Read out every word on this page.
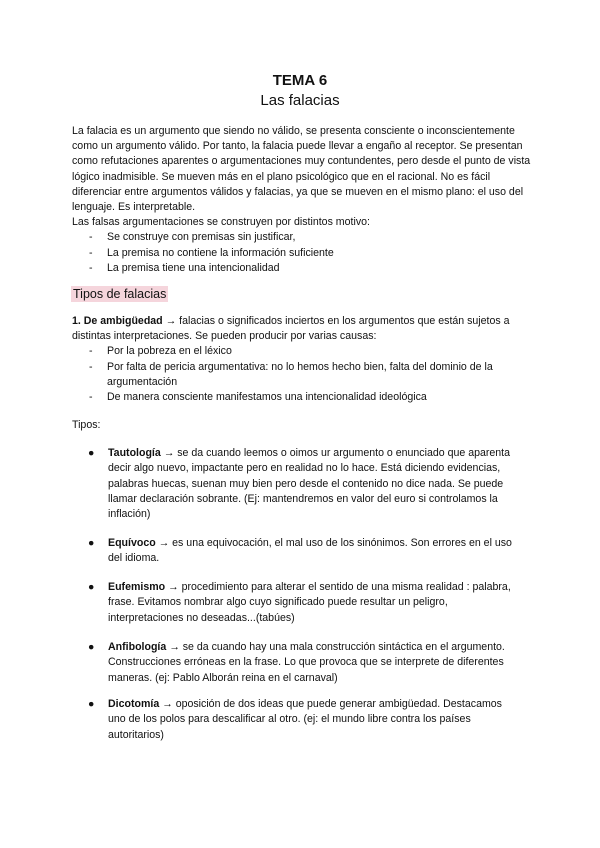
TEMA 6
Las falacias
La falacia es un argumento que siendo no válido, se presenta consciente o inconscientemente como un argumento válido. Por tanto, la falacia puede llevar a engaño al receptor. Se presentan como refutaciones aparentes o argumentaciones muy contundentes, pero desde el punto de vista lógico inadmisible. Se mueven más en el plano psicológico que en el racional. No es fácil diferenciar entre argumentos válidos y falacias, ya que se mueven en el mismo plano: el uso del lenguaje. Es interpretable.
Las falsas argumentaciones se construyen por distintos motivo:
- Se construye con premisas sin justificar,
- La premisa no contiene la información suficiente
- La premisa tiene una intencionalidad
Tipos de falacias
1. De ambigüedad → falacias o significados inciertos en los argumentos que están sujetos a distintas interpretaciones. Se pueden producir por varias causas:
- Por la pobreza en el léxico
- Por falta de pericia argumentativa: no lo hemos hecho bien, falta del dominio de la argumentación
- De manera consciente manifestamos una intencionalidad ideológica
Tipos:
● Tautología → se da cuando leemos o oimos ur argumento o enunciado que aparenta decir algo nuevo, impactante pero en realidad no lo hace. Está diciendo evidencias, palabras huecas, suenan muy bien pero desde el contenido no dice nada. Se puede llamar declaración sobrante. (Ej: mantendremos en valor del euro si controlamos la inflación)
● Equívoco → es una equivocación, el mal uso de los sinónimos. Son errores en el uso del idioma.
● Eufemismo → procedimiento para alterar el sentido de una misma realidad : palabra, frase. Evitamos nombrar algo cuyo significado puede resultar un peligro, interpretaciones no deseadas...(tabúes)
● Anfibología → se da cuando hay una mala construcción sintáctica en el argumento. Construcciones erróneas en la frase. Lo que provoca que se interprete de diferentes maneras. (ej: Pablo Alborán reina en el carnaval)
● Dicotomía → oposición de dos ideas que puede generar ambigüedad. Destacamos uno de los polos para descalificar al otro. (ej: el mundo libre contra los países autoritarios)
